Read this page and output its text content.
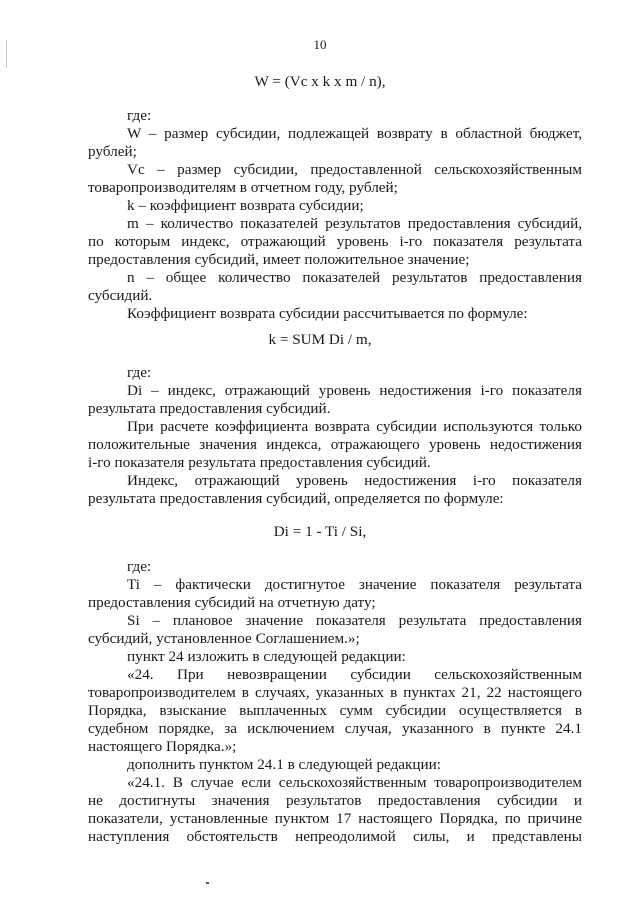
10
W = (Vc x k x m / n),
где:
W – размер субсидии, подлежащей возврату в областной бюджет,
рублей;
Vc – размер субсидии, предоставленной сельскохозяйственным
товаропроизводителям в отчетном году, рублей;
k – коэффициент возврата субсидии;
m – количество показателей результатов предоставления субсидий,
по которым индекс, отражающий уровень i-го показателя результата
предоставления субсидий, имеет положительное значение;
n – общее количество показателей результатов предоставления
субсидий.
Коэффициент возврата субсидии рассчитывается по формуле:
k = SUM Di / m,
где:
Di – индекс, отражающий уровень недостижения i-го показателя
результата предоставления субсидий.
При расчете коэффициента возврата субсидии используются только
положительные значения индекса, отражающего уровень недостижения
i-го показателя результата предоставления субсидий.
Индекс, отражающий уровень недостижения i-го показателя
результата предоставления субсидий, определяется по формуле:
Di = 1 - Ti / Si,
где:
Ti – фактически достигнутое значение показателя результата
предоставления субсидий на отчетную дату;
Si – плановое значение показателя результата предоставления
субсидий, установленное Соглашением.»;
пункт 24 изложить в следующей редакции:
«24. При невозвращении субсидии сельскохозяйственным
товаропроизводителем в случаях, указанных в пунктах 21, 22 настоящего
Порядка, взыскание выплаченных сумм субсидии осуществляется в
судебном порядке, за исключением случая, указанного в пункте 24.1
настоящего Порядка.»;
дополнить пунктом 24.1 в следующей редакции:
«24.1. В случае если сельскохозяйственным товаропроизводителем
не достигнуты значения результатов предоставления субсидии и
показатели, установленные пунктом 17 настоящего Порядка, по причине
наступления обстоятельств непреодолимой силы, и представлены
